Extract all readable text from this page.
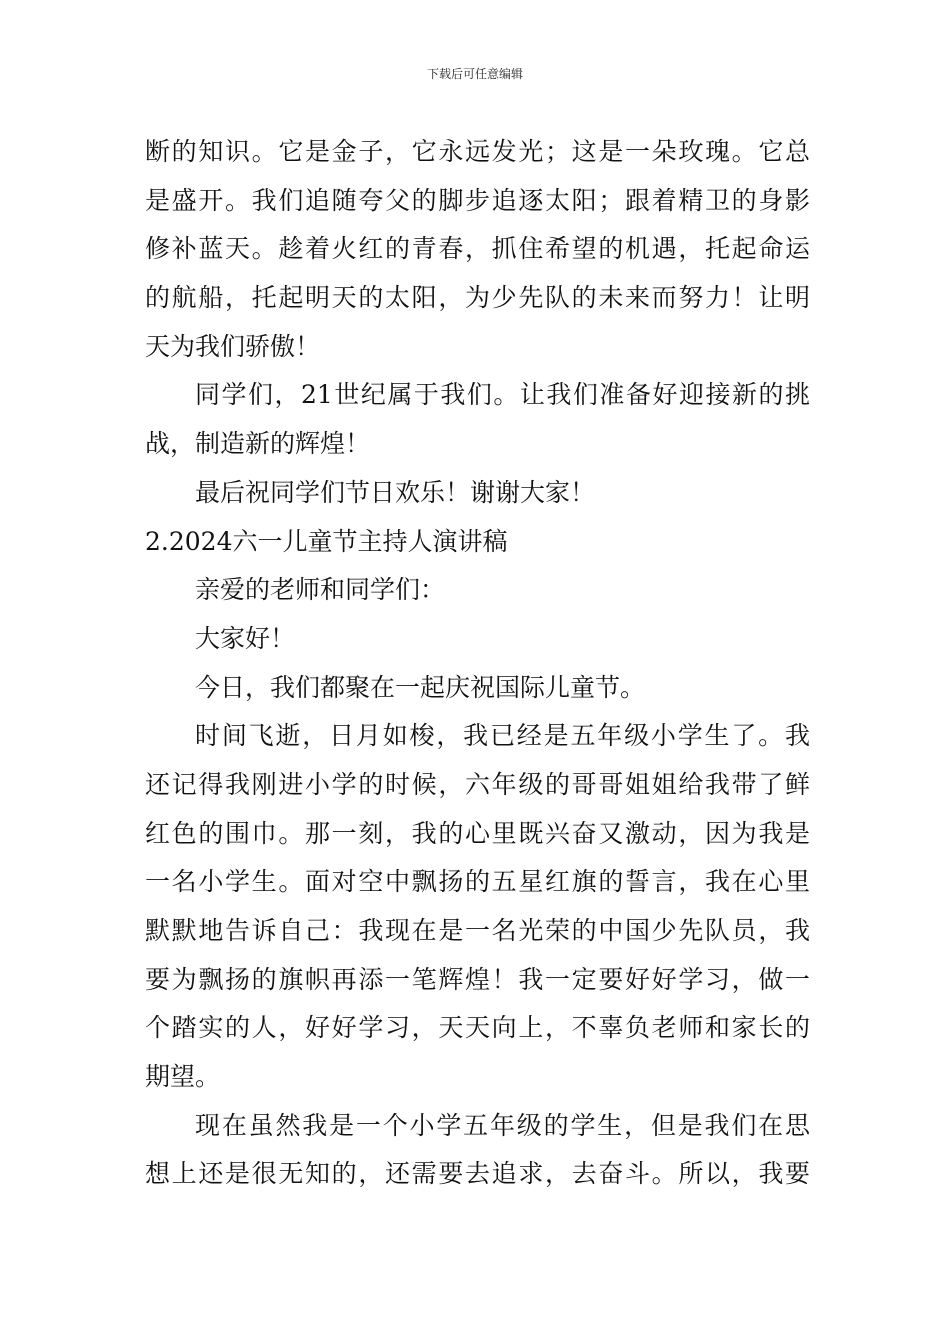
下载后可任意编辑
断的知识。它是金子，它永远发光；这是一朵玫瑰。它总
是盛开。我们追随夸父的脚步追逐太阳；跟着精卫的身影
修补蓝天。趁着火红的青春，抓住希望的机遇，托起命运
的航船，托起明天的太阳，为少先队的未来而努力！让明
天为我们骄傲！
同学们，21世纪属于我们。让我们准备好迎接新的挑
战，制造新的辉煌！
最后祝同学们节日欢乐！谢谢大家！
2.2024六一儿童节主持人演讲稿
亲爱的老师和同学们：
大家好！
今日，我们都聚在一起庆祝国际儿童节。
时间飞逝，日月如梭，我已经是五年级小学生了。我
还记得我刚进小学的时候，六年级的哥哥姐姐给我带了鲜
红色的围巾。那一刻，我的心里既兴奋又激动，因为我是
一名小学生。面对空中飘扬的五星红旗的誓言，我在心里
默默地告诉自己：我现在是一名光荣的中国少先队员，我
要为飘扬的旗帜再添一笔辉煌！我一定要好好学习，做一
个踏实的人，好好学习，天天向上，不辜负老师和家长的
期望。
现在虽然我是一个小学五年级的学生，但是我们在思
想上还是很无知的，还需要去追求，去奋斗。所以，我要
